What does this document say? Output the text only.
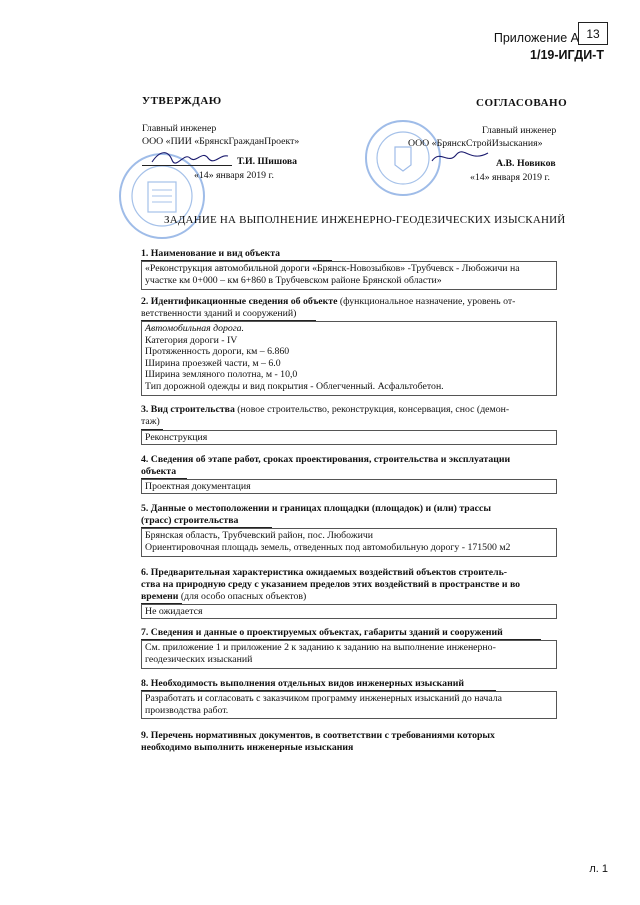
Приложение А 13
1/19-ИГДИ-Т
УТВЕРЖДАЮ
Главный инженер
ООО «ПИИ «БрянскГражданПроект»
Т.И. Шишова
«14» января 2019 г.
СОГЛАСОВАНО
Главный инженер
ООО «БрянскСтройИзыскания»
А.В. Новиков
«14» января 2019 г.
ЗАДАНИЕ НА ВЫПОЛНЕНИЕ ИНЖЕНЕРНО-ГЕОДЕЗИЧЕСКИХ ИЗЫСКАНИЙ
1. Наименование и вид объекта
«Реконструкция автомобильной дороги «Брянск-Новозыбков» -Трубчевск - Любожичи на
участке км 0+000 – км 6+860 в Трубчевском районе Брянской области»
2. Идентификационные сведения об объекте (функциональное назначение, уровень от-
ветственности зданий и сооружений)
Автомобильная дорога.
Категория дороги - IV
Протяженность дороги, км – 6.860
Ширина проезжей части, м – 6.0
Ширина земляного полотна, м - 10,0
Тип дорожной одежды и вид покрытия - Облегченный. Асфальтобетон.
3. Вид строительства (новое строительство, реконструкция, консервация, снос (демон-
таж)
Реконструкция
4. Сведения об этапе работ, сроках проектирования, строительства и эксплуатации
объекта
Проектная документация
5. Данные о местоположении и границах площадки (площадок) и (или) трассы
(трасс) строительства
Брянская область, Трубчевский район, пос. Любожичи
Ориентировочная площадь земель, отведенных под автомобильную дорогу - 171500 м2
6. Предварительная характеристика ожидаемых воздействий объектов строитель-
ства на природную среду с указанием пределов этих воздействий в пространстве и во
времени (для особо опасных объектов)
Не ожидается
7. Сведения и данные о проектируемых объектах, габариты зданий и сооружений
См. приложение 1 и приложение 2 к заданию к заданию на выполнение инженерно-
геодезических изысканий
8. Необходимость выполнения отдельных видов инженерных изысканий
Разработать и согласовать с заказчиком программу инженерных изысканий до начала
производства работ.
9. Перечень нормативных документов, в соответствии с требованиями которых
необходимо выполнить инженерные изыскания
л. 1
